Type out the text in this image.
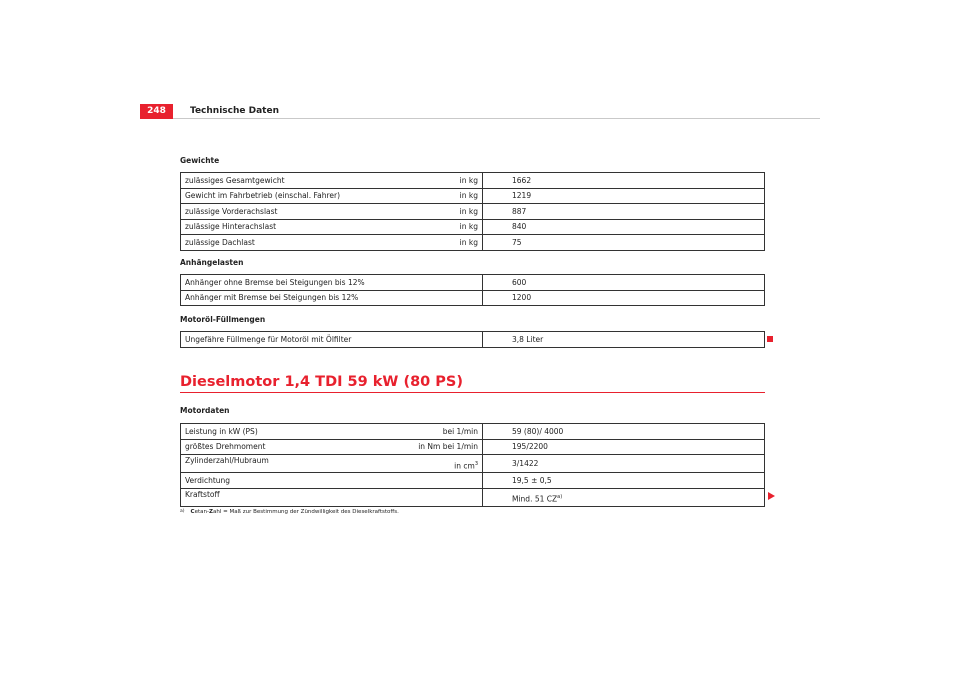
248	Technische Daten
Gewichte
zulässiges Gesamtgewicht	in kg	1662
Gewicht im Fahrbetrieb (einschal. Fahrer)	in kg	1219
zulässige Vorderachslast	in kg	887
zulässige Hinterachslast	in kg	840
zulässige Dachlast	in kg	75
Anhängelasten
Anhänger ohne Bremse bei Steigungen bis 12%	600
Anhänger mit Bremse bei Steigungen bis 12%	1200
Motoröl-Füllmengen
Ungefähre Füllmenge für Motoröl mit Ölfilter	3,8 Liter
Dieselmotor 1,4 TDI 59 kW (80 PS)
Motordaten
Leistung in kW (PS)	bei 1/min	59 (80)/ 4000
größtes Drehmoment	in Nm bei 1/min	195/2200
Zylinderzahl/Hubraum	in $cm^3$	3/1422
Verdichtung		19,5 ± 0,5
Kraftstoff		Mind. 51 CZ$^{a)}$
$^{a)}$ Cetan-Zahl = Maß zur Bestimmung der Zündwilligkeit des Dieselkraftstoffs.
